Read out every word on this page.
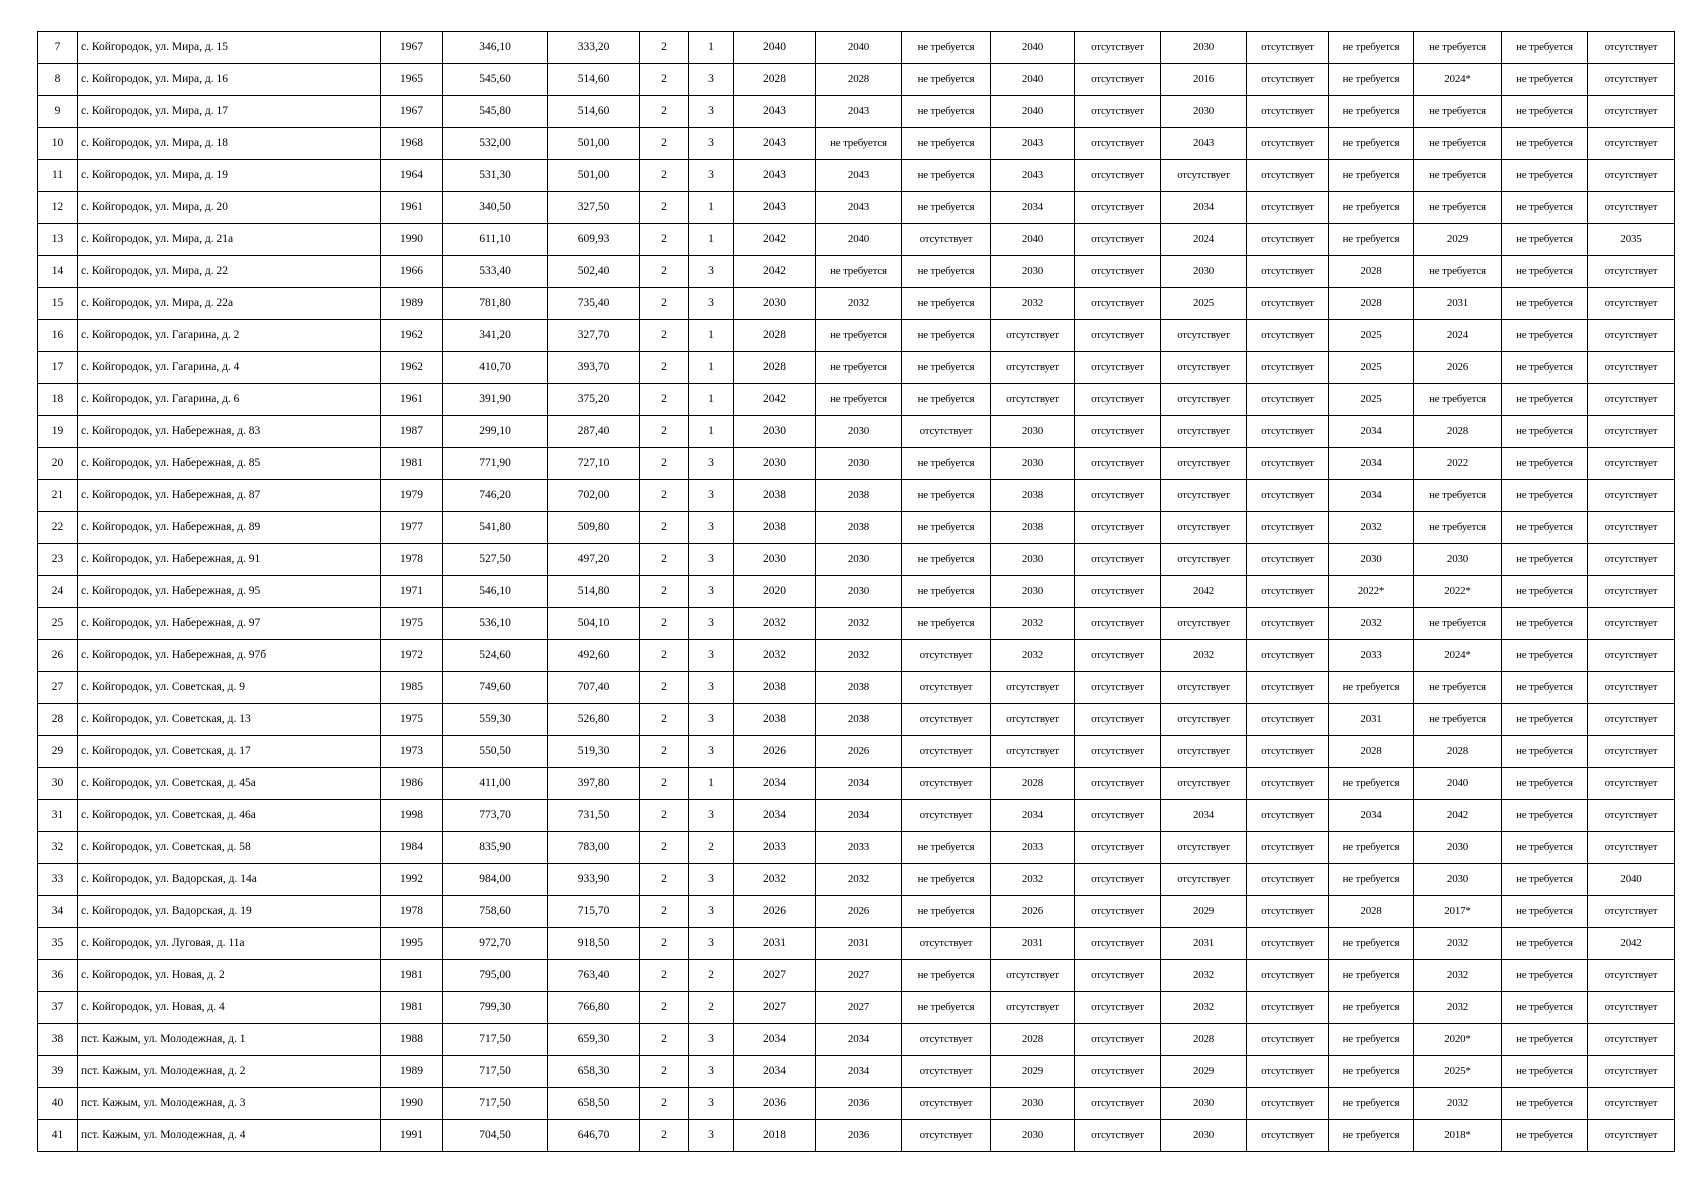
7	с. Койгородок, ул. Мира, д. 15	1967	346,10	333,20	2	1	2040	2040	не требуется	2040	отсутствует	2030	отсутствует	не требуется	не требуется	не требуется	отсутствует
8	с. Койгородок, ул. Мира, д. 16	1965	545,60	514,60	2	3	2028	2028	не требуется	2040	отсутствует	2016	отсутствует	не требуется	2024*	не требуется	отсутствует
9	с. Койгородок, ул. Мира, д. 17	1967	545,80	514,60	2	3	2043	2043	не требуется	2040	отсутствует	2030	отсутствует	не требуется	не требуется	не требуется	отсутствует
10	с. Койгородок, ул. Мира, д. 18	1968	532,00	501,00	2	3	2043	не требуется	не требуется	2043	отсутствует	2043	отсутствует	не требуется	не требуется	не требуется	отсутствует
11	с. Койгородок, ул. Мира, д. 19	1964	531,30	501,00	2	3	2043	2043	не требуется	2043	отсутствует	отсутствует	отсутствует	не требуется	не требуется	не требуется	отсутствует
12	с. Койгородок, ул. Мира, д. 20	1961	340,50	327,50	2	1	2043	2043	не требуется	2034	отсутствует	2034	отсутствует	не требуется	не требуется	не требуется	отсутствует
13	с. Койгородок, ул. Мира, д. 21а	1990	611,10	609,93	2	1	2042	2040	отсутствует	2040	отсутствует	2024	отсутствует	не требуется	2029	не требуется	2035
14	с. Койгородок, ул. Мира, д. 22	1966	533,40	502,40	2	3	2042	не требуется	не требуется	2030	отсутствует	2030	отсутствует	2028	не требуется	не требуется	отсутствует
15	с. Койгородок, ул. Мира, д. 22а	1989	781,80	735,40	2	3	2030	2032	не требуется	2032	отсутствует	2025	отсутствует	2028	2031	не требуется	отсутствует
16	с. Койгородок, ул. Гагарина, д. 2	1962	341,20	327,70	2	1	2028	не требуется	не требуется	отсутствует	отсутствует	отсутствует	отсутствует	2025	2024	не требуется	отсутствует
17	с. Койгородок, ул. Гагарина, д. 4	1962	410,70	393,70	2	1	2028	не требуется	не требуется	отсутствует	отсутствует	отсутствует	отсутствует	2025	2026	не требуется	отсутствует
18	с. Койгородок, ул. Гагарина, д. 6	1961	391,90	375,20	2	1	2042	не требуется	не требуется	отсутствует	отсутствует	отсутствует	отсутствует	2025	не требуется	не требуется	отсутствует
19	с. Койгородок, ул. Набережная, д. 83	1987	299,10	287,40	2	1	2030	2030	отсутствует	2030	отсутствует	отсутствует	отсутствует	2034	2028	не требуется	отсутствует
20	с. Койгородок, ул. Набережная, д. 85	1981	771,90	727,10	2	3	2030	2030	не требуется	2030	отсутствует	отсутствует	отсутствует	2034	2022	не требуется	отсутствует
21	с. Койгородок, ул. Набережная, д. 87	1979	746,20	702,00	2	3	2038	2038	не требуется	2038	отсутствует	отсутствует	отсутствует	2034	не требуется	не требуется	отсутствует
22	с. Койгородок, ул. Набережная, д. 89	1977	541,80	509,80	2	3	2038	2038	не требуется	2038	отсутствует	отсутствует	отсутствует	2032	не требуется	не требуется	отсутствует
23	с. Койгородок, ул. Набережная, д. 91	1978	527,50	497,20	2	3	2030	2030	не требуется	2030	отсутствует	отсутствует	отсутствует	2030	2030	не требуется	отсутствует
24	с. Койгородок, ул. Набережная, д. 95	1971	546,10	514,80	2	3	2020	2030	не требуется	2030	отсутствует	2042	отсутствует	2022*	2022*	не требуется	отсутствует
25	с. Койгородок, ул. Набережная, д. 97	1975	536,10	504,10	2	3	2032	2032	не требуется	2032	отсутствует	отсутствует	отсутствует	2032	не требуется	не требуется	отсутствует
26	с. Койгородок, ул. Набережная, д. 97б	1972	524,60	492,60	2	3	2032	2032	отсутствует	2032	отсутствует	2032	отсутствует	2033	2024*	не требуется	отсутствует
27	с. Койгородок, ул. Советская, д. 9	1985	749,60	707,40	2	3	2038	2038	отсутствует	отсутствует	отсутствует	отсутствует	отсутствует	не требуется	не требуется	не требуется	отсутствует
28	с. Койгородок, ул. Советская, д. 13	1975	559,30	526,80	2	3	2038	2038	отсутствует	отсутствует	отсутствует	отсутствует	отсутствует	2031	не требуется	не требуется	отсутствует
29	с. Койгородок, ул. Советская, д. 17	1973	550,50	519,30	2	3	2026	2026	отсутствует	отсутствует	отсутствует	отсутствует	отсутствует	2028	2028	не требуется	отсутствует
30	с. Койгородок, ул. Советская, д. 45а	1986	411,00	397,80	2	1	2034	2034	отсутствует	2028	отсутствует	отсутствует	отсутствует	не требуется	2040	не требуется	отсутствует
31	с. Койгородок, ул. Советская, д. 46а	1998	773,70	731,50	2	3	2034	2034	отсутствует	2034	отсутствует	2034	отсутствует	2034	2042	не требуется	отсутствует
32	с. Койгородок, ул. Советская, д. 58	1984	835,90	783,00	2	2	2033	2033	не требуется	2033	отсутствует	отсутствует	отсутствует	не требуется	2030	не требуется	отсутствует
33	с. Койгородок, ул. Вадорская, д. 14а	1992	984,00	933,90	2	3	2032	2032	не требуется	2032	отсутствует	отсутствует	отсутствует	не требуется	2030	не требуется	2040
34	с. Койгородок, ул. Вадорская, д. 19	1978	758,60	715,70	2	3	2026	2026	не требуется	2026	отсутствует	2029	отсутствует	2028	2017*	не требуется	отсутствует
35	с. Койгородок, ул. Луговая, д. 11а	1995	972,70	918,50	2	3	2031	2031	отсутствует	2031	отсутствует	2031	отсутствует	не требуется	2032	не требуется	2042
36	с. Койгородок, ул. Новая, д. 2	1981	795,00	763,40	2	2	2027	2027	не требуется	отсутствует	отсутствует	2032	отсутствует	не требуется	2032	не требуется	отсутствует
37	с. Койгородок, ул. Новая, д. 4	1981	799,30	766,80	2	2	2027	2027	не требуется	отсутствует	отсутствует	2032	отсутствует	не требуется	2032	не требуется	отсутствует
38	пст. Кажым, ул. Молодежная, д. 1	1988	717,50	659,30	2	3	2034	2034	отсутствует	2028	отсутствует	2028	отсутствует	не требуется	2020*	не требуется	отсутствует
39	пст. Кажым, ул. Молодежная, д. 2	1989	717,50	658,30	2	3	2034	2034	отсутствует	2029	отсутствует	2029	отсутствует	не требуется	2025*	не требуется	отсутствует
40	пст. Кажым, ул. Молодежная, д. 3	1990	717,50	658,50	2	3	2036	2036	отсутствует	2030	отсутствует	2030	отсутствует	не требуется	2032	не требуется	отсутствует
41	пст. Кажым, ул. Молодежная, д. 4	1991	704,50	646,70	2	3	2018	2036	отсутствует	2030	отсутствует	2030	отсутствует	не требуется	2018*	не требуется	отсутствует
